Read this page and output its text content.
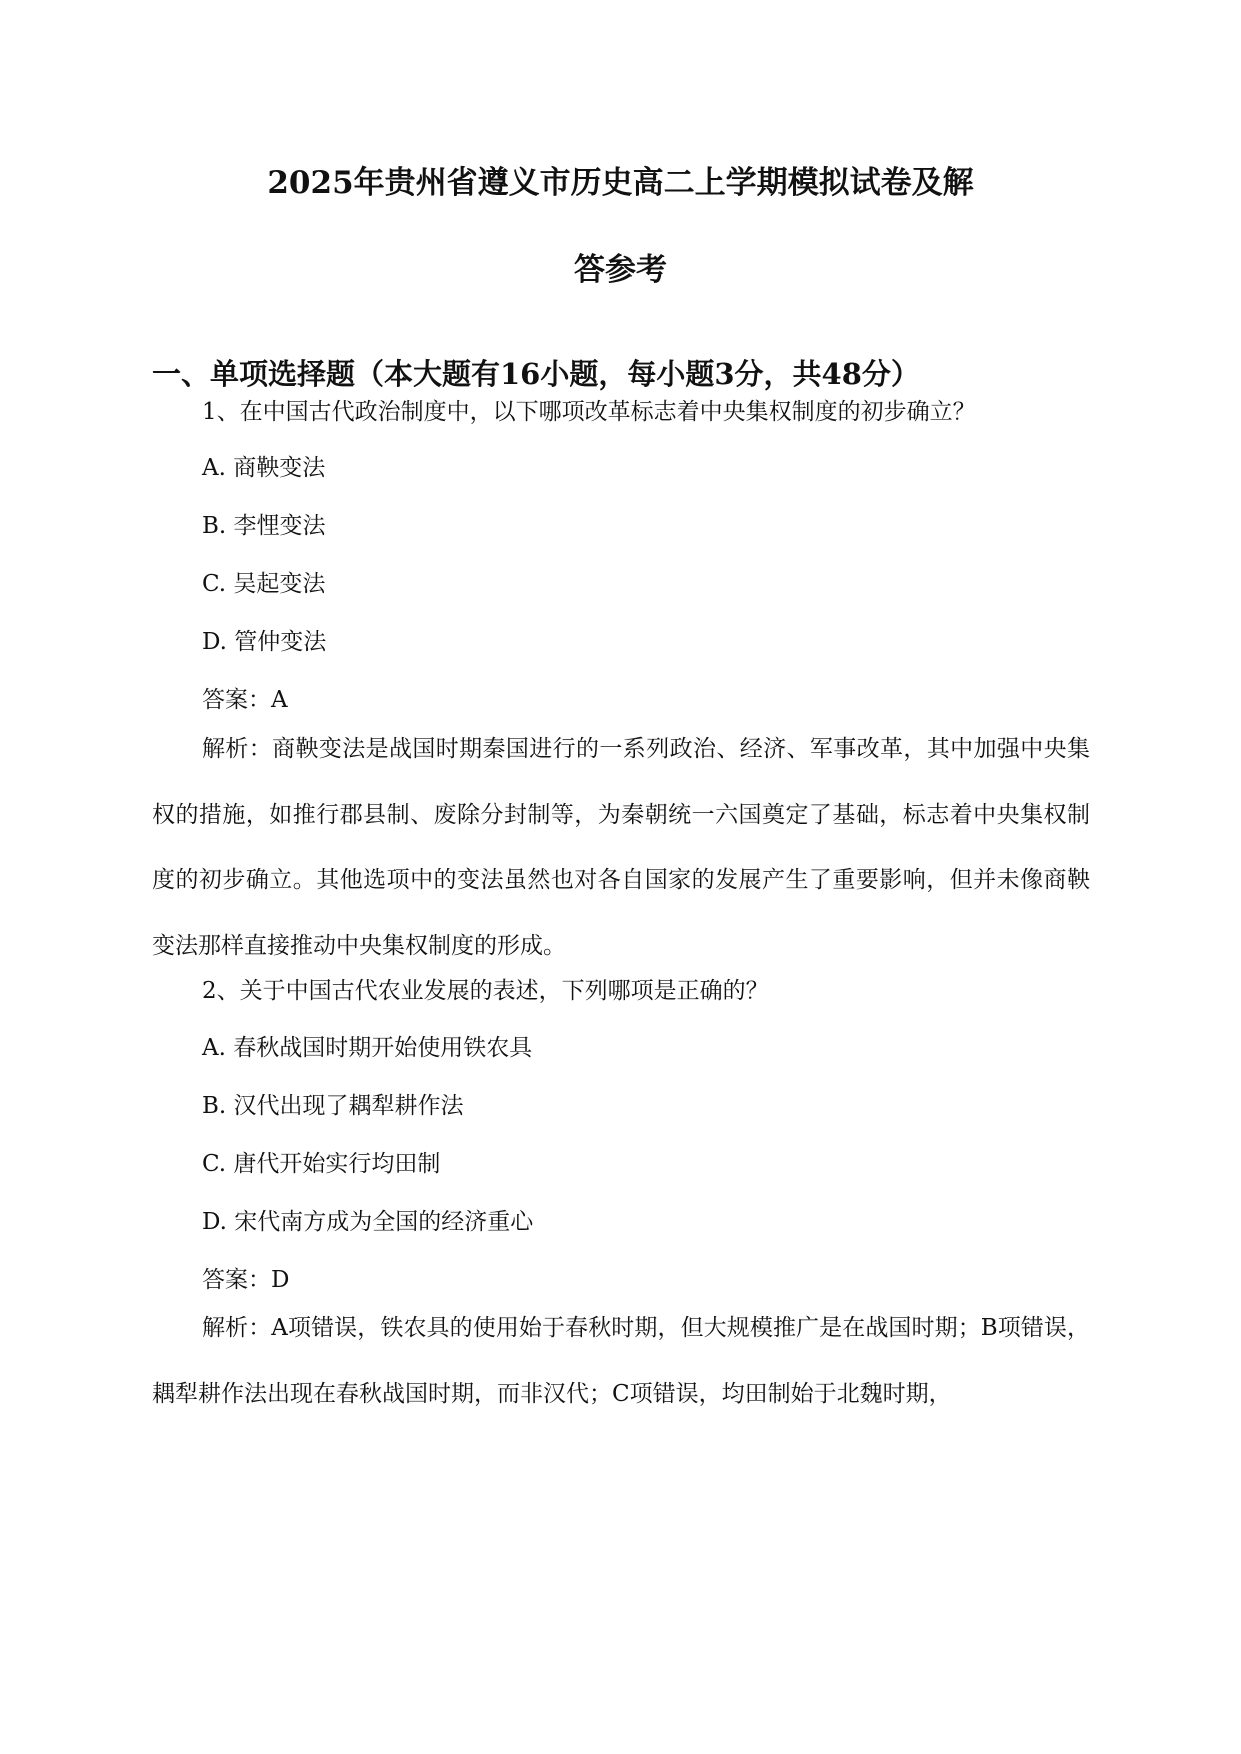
2025年贵州省遵义市历史高二上学期模拟试卷及解
答参考
一、单项选择题（本大题有16小题，每小题3分，共48分）
1、在中国古代政治制度中，以下哪项改革标志着中央集权制度的初步确立？
A. 商鞅变法
B. 李悝变法
C. 吴起变法
D. 管仲变法
答案：A
解析：商鞅变法是战国时期秦国进行的一系列政治、经济、军事改革，其中加强中央集权的措施，如推行郡县制、废除分封制等，为秦朝统一六国奠定了基础，标志着中央集权制度的初步确立。其他选项中的变法虽然也对各自国家的发展产生了重要影响，但并未像商鞅变法那样直接推动中央集权制度的形成。
2、关于中国古代农业发展的表述，下列哪项是正确的？
A. 春秋战国时期开始使用铁农具
B. 汉代出现了耦犁耕作法
C. 唐代开始实行均田制
D. 宋代南方成为全国的经济重心
答案：D
解析：A项错误，铁农具的使用始于春秋时期，但大规模推广是在战国时期；B项错误，耦犁耕作法出现在春秋战国时期，而非汉代；C项错误，均田制始于北魏时期，
